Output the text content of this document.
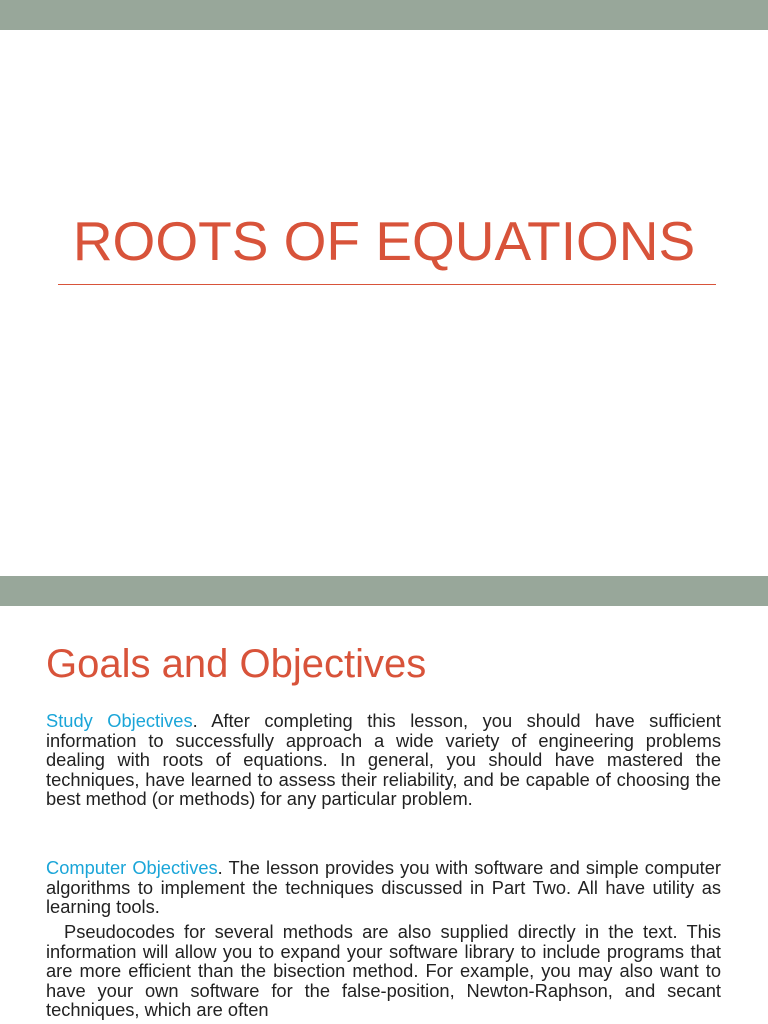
ROOTS OF EQUATIONS
Goals and Objectives
Study Objectives. After completing this lesson, you should have sufficient information to successfully approach a wide variety of engineering problems dealing with roots of equations. In general, you should have mastered the techniques, have learned to assess their reliability, and be capable of choosing the best method (or methods) for any particular problem.
Computer Objectives. The lesson provides you with software and simple computer algorithms to implement the techniques discussed in Part Two. All have utility as learning tools.
Pseudocodes for several methods are also supplied directly in the text. This information will allow you to expand your software library to include programs that are more efficient than the bisection method. For example, you may also want to have your own software for the false-position, Newton-Raphson, and secant techniques, which are often
